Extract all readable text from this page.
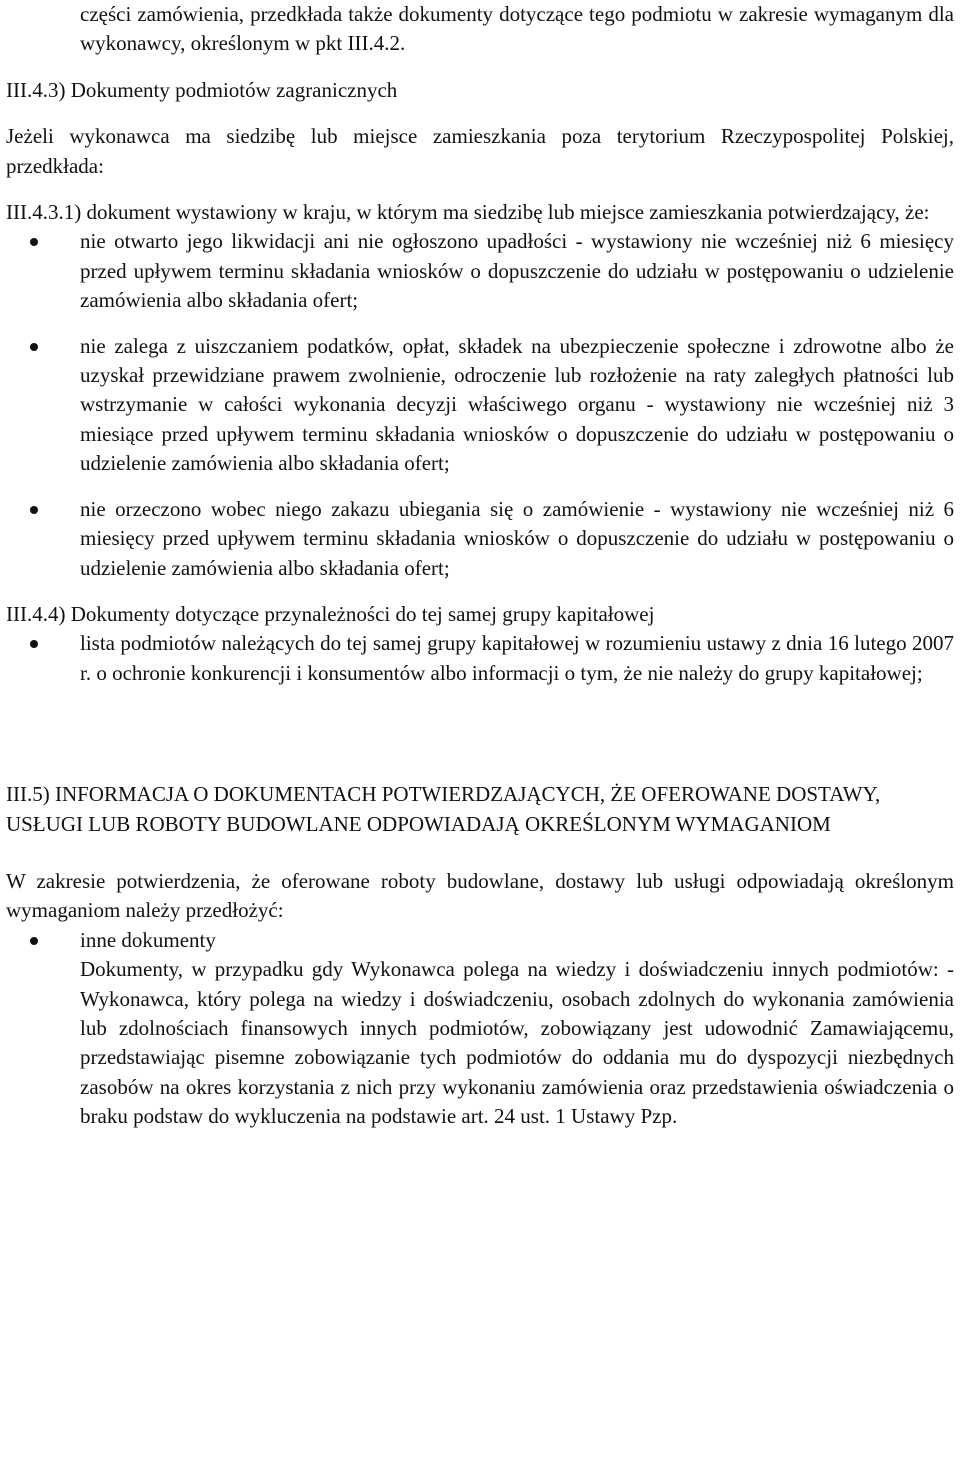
części zamówienia, przedkłada także dokumenty dotyczące tego podmiotu w zakresie wymaganym dla wykonawcy, określonym w pkt III.4.2.

III.4.3) Dokumenty podmiotów zagranicznych

Jeżeli wykonawca ma siedzibę lub miejsce zamieszkania poza terytorium Rzeczypospolitej Polskiej, przedkłada:

III.4.3.1) dokument wystawiony w kraju, w którym ma siedzibę lub miejsce zamieszkania potwierdzający, że:

nie otwarto jego likwidacji ani nie ogłoszono upadłości - wystawiony nie wcześniej niż 6 miesięcy przed upływem terminu składania wniosków o dopuszczenie do udziału w postępowaniu o udzielenie zamówienia albo składania ofert;
nie zalega z uiszczaniem podatków, opłat, składek na ubezpieczenie społeczne i zdrowotne albo że uzyskał przewidziane prawem zwolnienie, odroczenie lub rozłożenie na raty zaległych płatności lub wstrzymanie w całości wykonania decyzji właściwego organu - wystawiony nie wcześniej niż 3 miesiące przed upływem terminu składania wniosków o dopuszczenie do udziału w postępowaniu o udzielenie zamówienia albo składania ofert;
nie orzeczono wobec niego zakazu ubiegania się o zamówienie - wystawiony nie wcześniej niż 6 miesięcy przed upływem terminu składania wniosków o dopuszczenie do udziału w postępowaniu o udzielenie zamówienia albo składania ofert;

III.4.4) Dokumenty dotyczące przynależności do tej samej grupy kapitałowej

lista podmiotów należących do tej samej grupy kapitałowej w rozumieniu ustawy z dnia 16 lutego 2007 r. o ochronie konkurencji i konsumentów albo informacji o tym, że nie należy do grupy kapitałowej;

III.5) INFORMACJA O DOKUMENTACH POTWIERDZAJĄCYCH, ŻE OFEROWANE DOSTAWY, USŁUGI LUB ROBOTY BUDOWLANE ODPOWIADAJĄ OKREŚLONYM WYMAGANIOM

W zakresie potwierdzenia, że oferowane roboty budowlane, dostawy lub usługi odpowiadają określonym wymaganiom należy przedłożyć:

inne dokumenty
Dokumenty, w przypadku gdy Wykonawca polega na wiedzy i doświadczeniu innych podmiotów: - Wykonawca, który polega na wiedzy i doświadczeniu, osobach zdolnych do wykonania zamówienia lub zdolnościach finansowych innych podmiotów, zobowiązany jest udowodnić Zamawiającemu, przedstawiając pisemne zobowiązanie tych podmiotów do oddania mu do dyspozycji niezbędnych zasobów na okres korzystania z nich przy wykonaniu zamówienia oraz przedstawienia oświadczenia o braku podstaw do wykluczenia na podstawie art. 24 ust. 1 Ustawy Pzp.
